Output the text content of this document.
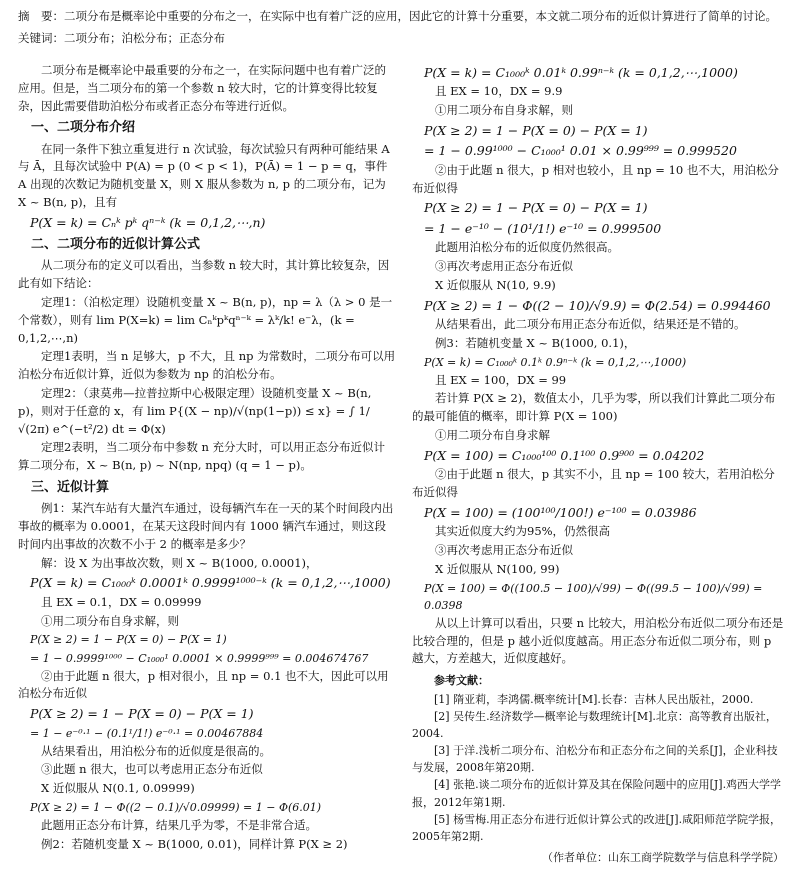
摘　要：二项分布是概率论中重要的分布之一，在实际中也有着广泛的应用，因此它的计算十分重要，本文就二项分布的近似计算进行了简单的讨论。

关键词：二项分布；泊松分布；正态分布

二项分布是概率论中最重要的分布之一，在实际问题中也有着广泛的应用。但是，当二项分布的第一个参数 n 较大时，它的计算变得比较复杂，因此需要借助泊松分布或者正态分布等进行近似。

一、二项分布介绍

在同一条件下独立重复进行 n 次试验，每次试验只有两种可能结果 A 与 Ā，且每次试验中 P(A) = p (0 < p < 1)，P(Ā) = 1 − p = q，事件 A 出现的次数记为随机变量 X，则 X 服从参数为 n, p 的二项分布，记为 X ~ B(n, p)，且有

P(X = k) = Cₙᵏ pᵏ qⁿ⁻ᵏ (k = 0,1,2,⋯,n)

二、二项分布的近似计算公式

从二项分布的定义可以看出，当参数 n 较大时，其计算比较复杂，因此有如下结论：

定理1：（泊松定理）设随机变量 X ~ B(n, p)，np = λ（λ > 0 是一个常数），则有 lim P(X=k) = lim Cₙᵏpᵏqⁿ⁻ᵏ = λᵏ/k! e⁻λ，(k = 0,1,2,⋯,n)

定理1表明，当 n 足够大，p 不大，且 np 为常数时，二项分布可以用泊松分布近似计算，近似为参数为 np 的泊松分布。

定理2：（隶莫弗—拉普拉斯中心极限定理）设随机变量 X ~ B(n, p)，则对于任意的 x，有 lim P{(X − np)/√(np(1−p)) ≤ x} = ∫ 1/√(2π) e^(−t²/2) dt = Φ(x)

定理2表明，当二项分布中参数 n 充分大时，可以用正态分布近似计算二项分布，X ~ B(n, p) ~ N(np, npq) (q = 1 − p)。

三、近似计算

例1：某汽车站有大量汽车通过，设每辆汽车在一天的某个时间段内出事故的概率为 0.0001，在某天这段时间内有 1000 辆汽车通过，则这段时间内出事故的次数不小于 2 的概率是多少？

解：设 X 为出事故次数，则 X ~ B(1000, 0.0001)，

P(X = k) = C₁₀₀₀ᵏ 0.0001ᵏ 0.9999¹⁰⁰⁰⁻ᵏ (k = 0,1,2,⋯,1000)

且 EX = 0.1，DX = 0.09999

①用二项分布自身求解，则

P(X ≥ 2) = 1 − P(X = 0) − P(X = 1)

= 1 − 0.9999¹⁰⁰⁰ − C₁₀₀₀¹ 0.0001 × 0.9999⁹⁹⁹ = 0.004674767

②由于此题 n 很大，p 相对很小，且 np = 0.1 也不大，因此可以用泊松分布近似

P(X ≥ 2) = 1 − P(X = 0) − P(X = 1)

= 1 − e⁻⁰·¹ − (0.1¹/1!) e⁻⁰·¹ = 0.00467884

从结果看出，用泊松分布的近似度是很高的。

③此题 n 很大，也可以考虑用正态分布近似

X 近似服从 N(0.1, 0.09999)

P(X ≥ 2) = 1 − Φ((2 − 0.1)/√0.09999) = 1 − Φ(6.01)

此题用正态分布计算，结果几乎为零，不是非常合适。

例2：若随机变量 X ~ B(1000, 0.01)，同样计算 P(X ≥ 2)

P(X = k) = C₁₀₀₀ᵏ 0.01ᵏ 0.99ⁿ⁻ᵏ (k = 0,1,2,⋯,1000)

且 EX = 10，DX = 9.9

①用二项分布自身求解，则

P(X ≥ 2) = 1 − P(X = 0) − P(X = 1)

= 1 − 0.99¹⁰⁰⁰ − C₁₀₀₀¹ 0.01 × 0.99⁹⁹⁹ = 0.999520

②由于此题 n 很大，p 相对也较小，且 np = 10 也不大，用泊松分布近似得

P(X ≥ 2) = 1 − P(X = 0) − P(X = 1)

= 1 − e⁻¹⁰ − (10¹/1!) e⁻¹⁰ = 0.999500

此题用泊松分布的近似度仍然很高。

③再次考虑用正态分布近似

X 近似服从 N(10, 9.9)

P(X ≥ 2) = 1 − Φ((2 − 10)/√9.9) = Φ(2.54) = 0.994460

从结果看出，此二项分布用正态分布近似，结果还是不错的。

例3：若随机变量 X ~ B(1000, 0.1)，

P(X = k) = C₁₀₀₀ᵏ 0.1ᵏ 0.9ⁿ⁻ᵏ (k = 0,1,2,⋯,1000)

且 EX = 100，DX = 99

若计算 P(X ≥ 2)，数值太小，几乎为零，所以我们计算此二项分布的最可能值的概率，即计算 P(X = 100)

①用二项分布自身求解

P(X = 100) = C₁₀₀₀¹⁰⁰ 0.1¹⁰⁰ 0.9⁹⁰⁰ = 0.04202

②由于此题 n 很大，p 其实不小，且 np = 100 较大，若用泊松分布近似得

P(X = 100) = (100¹⁰⁰/100!) e⁻¹⁰⁰ = 0.03986

其实近似度大约为95%，仍然很高

③再次考虑用正态分布近似

X 近似服从 N(100, 99)

P(X = 100) = Φ((100.5 − 100)/√99) − Φ((99.5 − 100)/√99) = 0.0398

从以上计算可以看出，只要 n 比较大，用泊松分布近似二项分布还是比较合理的，但是 p 越小近似度越高。用正态分布近似二项分布，则 p 越大，方差越大，近似度越好。

参考文献：

[1] 隋亚莉，李鸿儒.概率统计[M].长春：吉林人民出版社，2000.

[2] 吴传生.经济数学—概率论与数理统计[M].北京：高等教育出版社，2004.

[3] 于洋.浅析二项分布、泊松分布和正态分布之间的关系[J]，企业科技与发展，2008年第20期.

[4] 张艳.谈二项分布的近似计算及其在保险问题中的应用[J].鸡西大学学报，2012年第1期.

[5] 杨雪梅.用正态分布进行近似计算公式的改进[J].咸阳师范学院学报，2005年第2期.

（作者单位：山东工商学院数学与信息科学学院）
